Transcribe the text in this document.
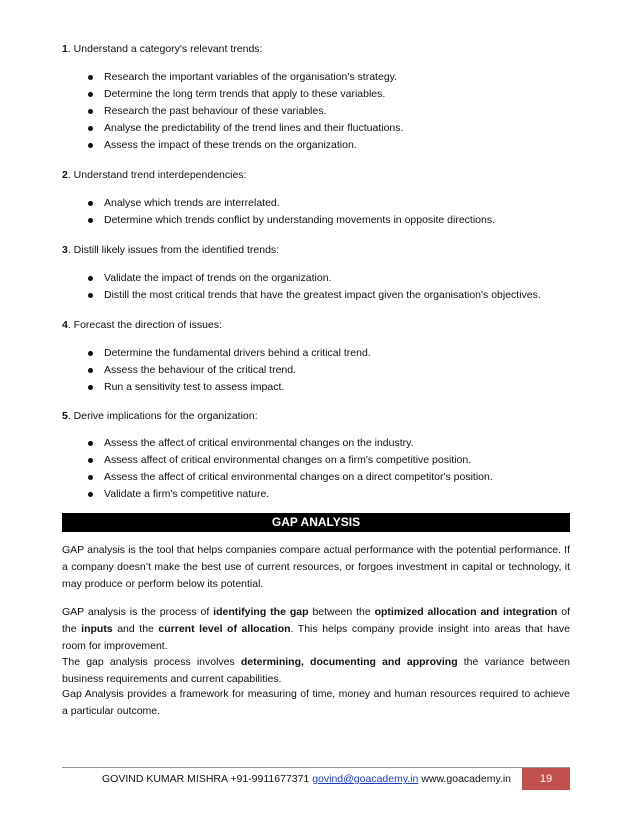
1. Understand a category's relevant trends:

Research the important variables of the organisation's strategy.
Determine the long term trends that apply to these variables.
Research the past behaviour of these variables.
Analyse the predictability of the trend lines and their fluctuations.
Assess the impact of these trends on the organization.

2. Understand trend interdependencies:

Analyse which trends are interrelated.
Determine which trends conflict by understanding movements in opposite directions.

3. Distill likely issues from the identified trends:

Validate the impact of trends on the organization.
Distill the most critical trends that have the greatest impact given the organisation's objectives.

4. Forecast the direction of issues:

Determine the fundamental drivers behind a critical trend.
Assess the behaviour of the critical trend.
Run a sensitivity test to assess impact.

5. Derive implications for the organization:

Assess the affect of critical environmental changes on the industry.
Assess affect of critical environmental changes on a firm's competitive position.
Assess the affect of critical environmental changes on a direct competitor's position.
Validate a firm's competitive nature.
GAP ANALYSIS

GAP analysis is the tool that helps companies compare actual performance with the potential performance. If a company doesn’t make the best use of current resources, or forgoes investment in capital or technology, it may produce or perform below its potential.

GAP analysis is the process of identifying the gap between the optimized allocation and integration of the inputs and the current level of allocation. This helps company provide insight into areas that have room for improvement.

The gap analysis process involves determining, documenting and approving the variance between business requirements and current capabilities.

Gap Analysis provides a framework for measuring of time, money and human resources required to achieve a particular outcome.

GOVIND KUMAR MISHRA +91-9911677371 govind@goacademy.in www.goacademy.in	19
